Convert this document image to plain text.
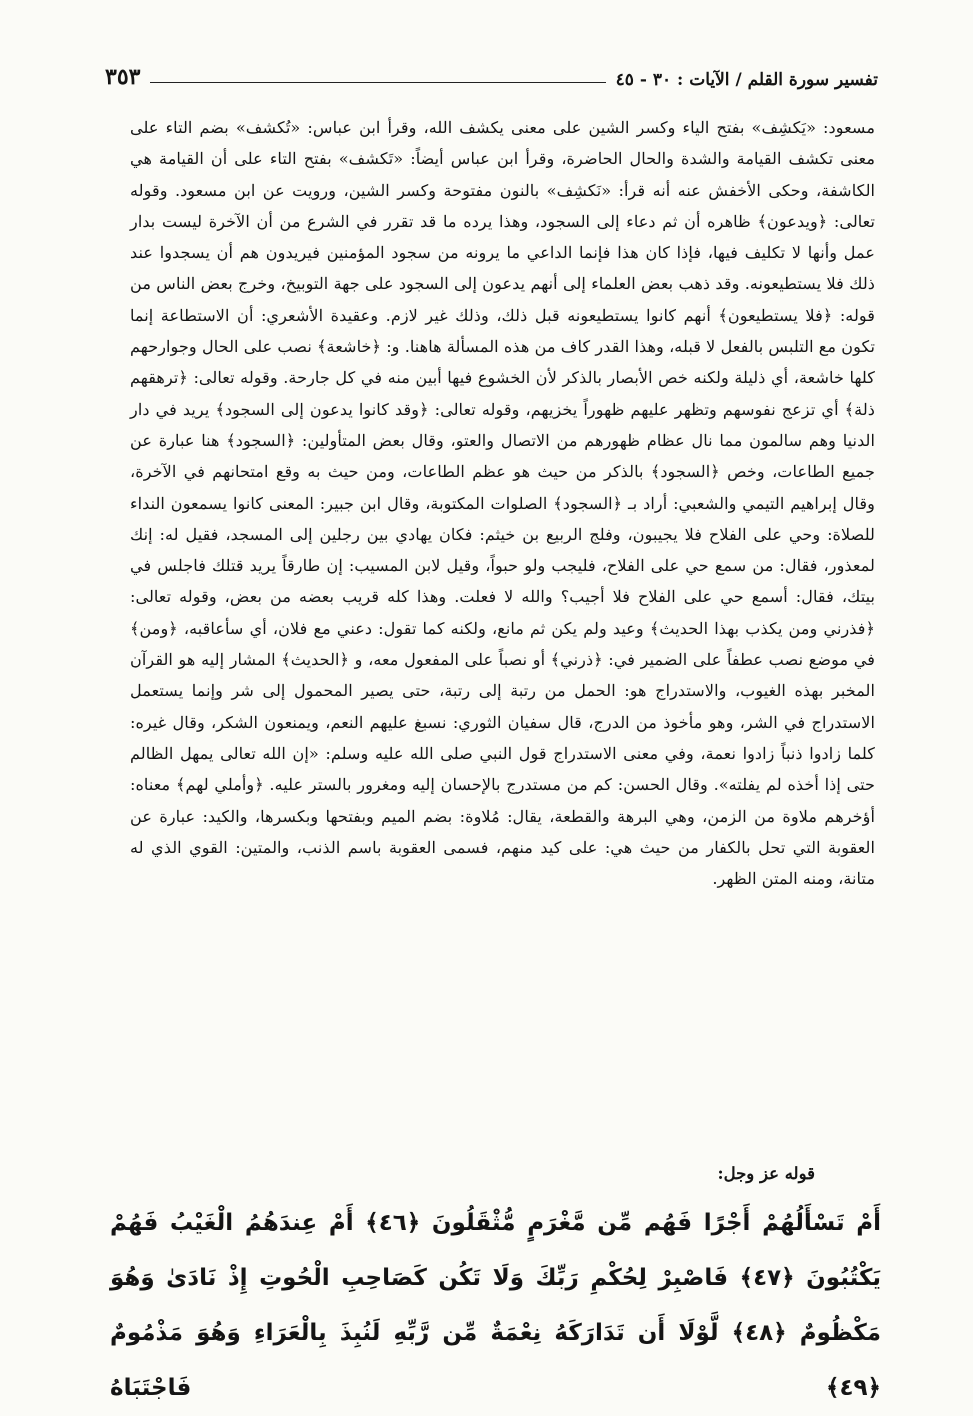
تفسير سورة القلم / الآيات : ٣٠ - ٤٥
٣٥٣

مسعود: «يَكشِف» بفتح الياء وكسر الشين على معنى يكشف الله، وقرأ ابن عباس: «تُكشف» بضم التاء على معنى تكشف القيامة والشدة والحال الحاضرة، وقرأ ابن عباس أيضاً: «تَكشف» بفتح التاء على أن القيامة هي الكاشفة، وحكى الأخفش عنه أنه قرأ: «نَكشِف» بالنون مفتوحة وكسر الشين، ورويت عن ابن مسعود. وقوله تعالى: ﴿ويدعون﴾ ظاهره أن ثم دعاء إلى السجود، وهذا يرده ما قد تقرر في الشرع من أن الآخرة ليست بدار عمل وأنها لا تكليف فيها، فإذا كان هذا فإنما الداعي ما يرونه من سجود المؤمنين فيريدون هم أن يسجدوا عند ذلك فلا يستطيعونه. وقد ذهب بعض العلماء إلى أنهم يدعون إلى السجود على جهة التوبيخ، وخرج بعض الناس من قوله: ﴿فلا يستطيعون﴾ أنهم كانوا يستطيعونه قبل ذلك، وذلك غير لازم. وعقيدة الأشعري: أن الاستطاعة إنما تكون مع التلبس بالفعل لا قبله، وهذا القدر كاف من هذه المسألة هاهنا. و: ﴿خاشعة﴾ نصب على الحال وجوارحهم كلها خاشعة، أي ذليلة ولكنه خص الأبصار بالذكر لأن الخشوع فيها أبين منه في كل جارحة. وقوله تعالى: ﴿ترهقهم ذلة﴾ أي تزعج نفوسهم وتظهر عليهم ظهوراً يخزيهم، وقوله تعالى: ﴿وقد كانوا يدعون إلى السجود﴾ يريد في دار الدنيا وهم سالمون مما نال عظام ظهورهم من الاتصال والعتو، وقال بعض المتأولين: ﴿السجود﴾ هنا عبارة عن جميع الطاعات، وخص ﴿السجود﴾ بالذكر من حيث هو عظم الطاعات، ومن حيث به وقع امتحانهم في الآخرة، وقال إبراهيم التيمي والشعبي: أراد بـ ﴿السجود﴾ الصلوات المكتوبة، وقال ابن جبير: المعنى كانوا يسمعون النداء للصلاة: وحي على الفلاح فلا يجيبون، وفلج الربيع بن خيثم: فكان يهادي بين رجلين إلى المسجد، فقيل له: إنك لمعذور، فقال: من سمع حي على الفلاح، فليجب ولو حبواً، وقيل لابن المسيب: إن طارقاً يريد قتلك فاجلس في بيتك، فقال: أسمع حي على الفلاح فلا أجيب؟ والله لا فعلت. وهذا كله قريب بعضه من بعض، وقوله تعالى: ﴿فذرني ومن يكذب بهذا الحديث﴾ وعيد ولم يكن ثم مانع، ولكنه كما تقول: دعني مع فلان، أي سأعاقبه، ﴿ومن﴾ في موضع نصب عطفاً على الضمير في: ﴿ذرني﴾ أو نصباً على المفعول معه، و ﴿الحديث﴾ المشار إليه هو القرآن المخبر بهذه الغيوب، والاستدراج هو: الحمل من رتبة إلى رتبة، حتى يصير المحمول إلى شر وإنما يستعمل الاستدراج في الشر، وهو مأخوذ من الدرج، قال سفيان الثوري: نسبغ عليهم النعم، ويمنعون الشكر، وقال غيره: كلما زادوا ذنباً زادوا نعمة، وفي معنى الاستدراج قول النبي صلى الله عليه وسلم: «إن الله تعالى يمهل الظالم حتى إذا أخذه لم يفلته». وقال الحسن: كم من مستدرج بالإحسان إليه ومغرور بالستر عليه. ﴿وأملي لهم﴾ معناه: أؤخرهم ملاوة من الزمن، وهي البرهة والقطعة، يقال: مُلاوة: بضم الميم وبفتحها وبكسرها، والكيد: عبارة عن العقوبة التي تحل بالكفار من حيث هي: على كيد منهم، فسمى العقوبة باسم الذنب، والمتين: القوي الذي له متانة، ومنه المتن الظهر.

قوله عز وجل:
أَمْ تَسْأَلُهُمْ أَجْرًا فَهُم مِّن مَّغْرَمٍ مُّثْقَلُونَ ﴿٤٦﴾ أَمْ عِندَهُمُ الْغَيْبُ فَهُمْ يَكْتُبُونَ ﴿٤٧﴾ فَاصْبِرْ لِحُكْمِ رَبِّكَ وَلَا تَكُن كَصَاحِبِ الْحُوتِ إِذْ نَادَىٰ وَهُوَ مَكْظُومٌ ﴿٤٨﴾ لَّوْلَا أَن تَدَارَكَهُ نِعْمَةٌ مِّن رَّبِّهِ لَنُبِذَ بِالْعَرَاءِ وَهُوَ مَذْمُومٌ ﴿٤٩﴾ فَاجْتَبَاهُ
